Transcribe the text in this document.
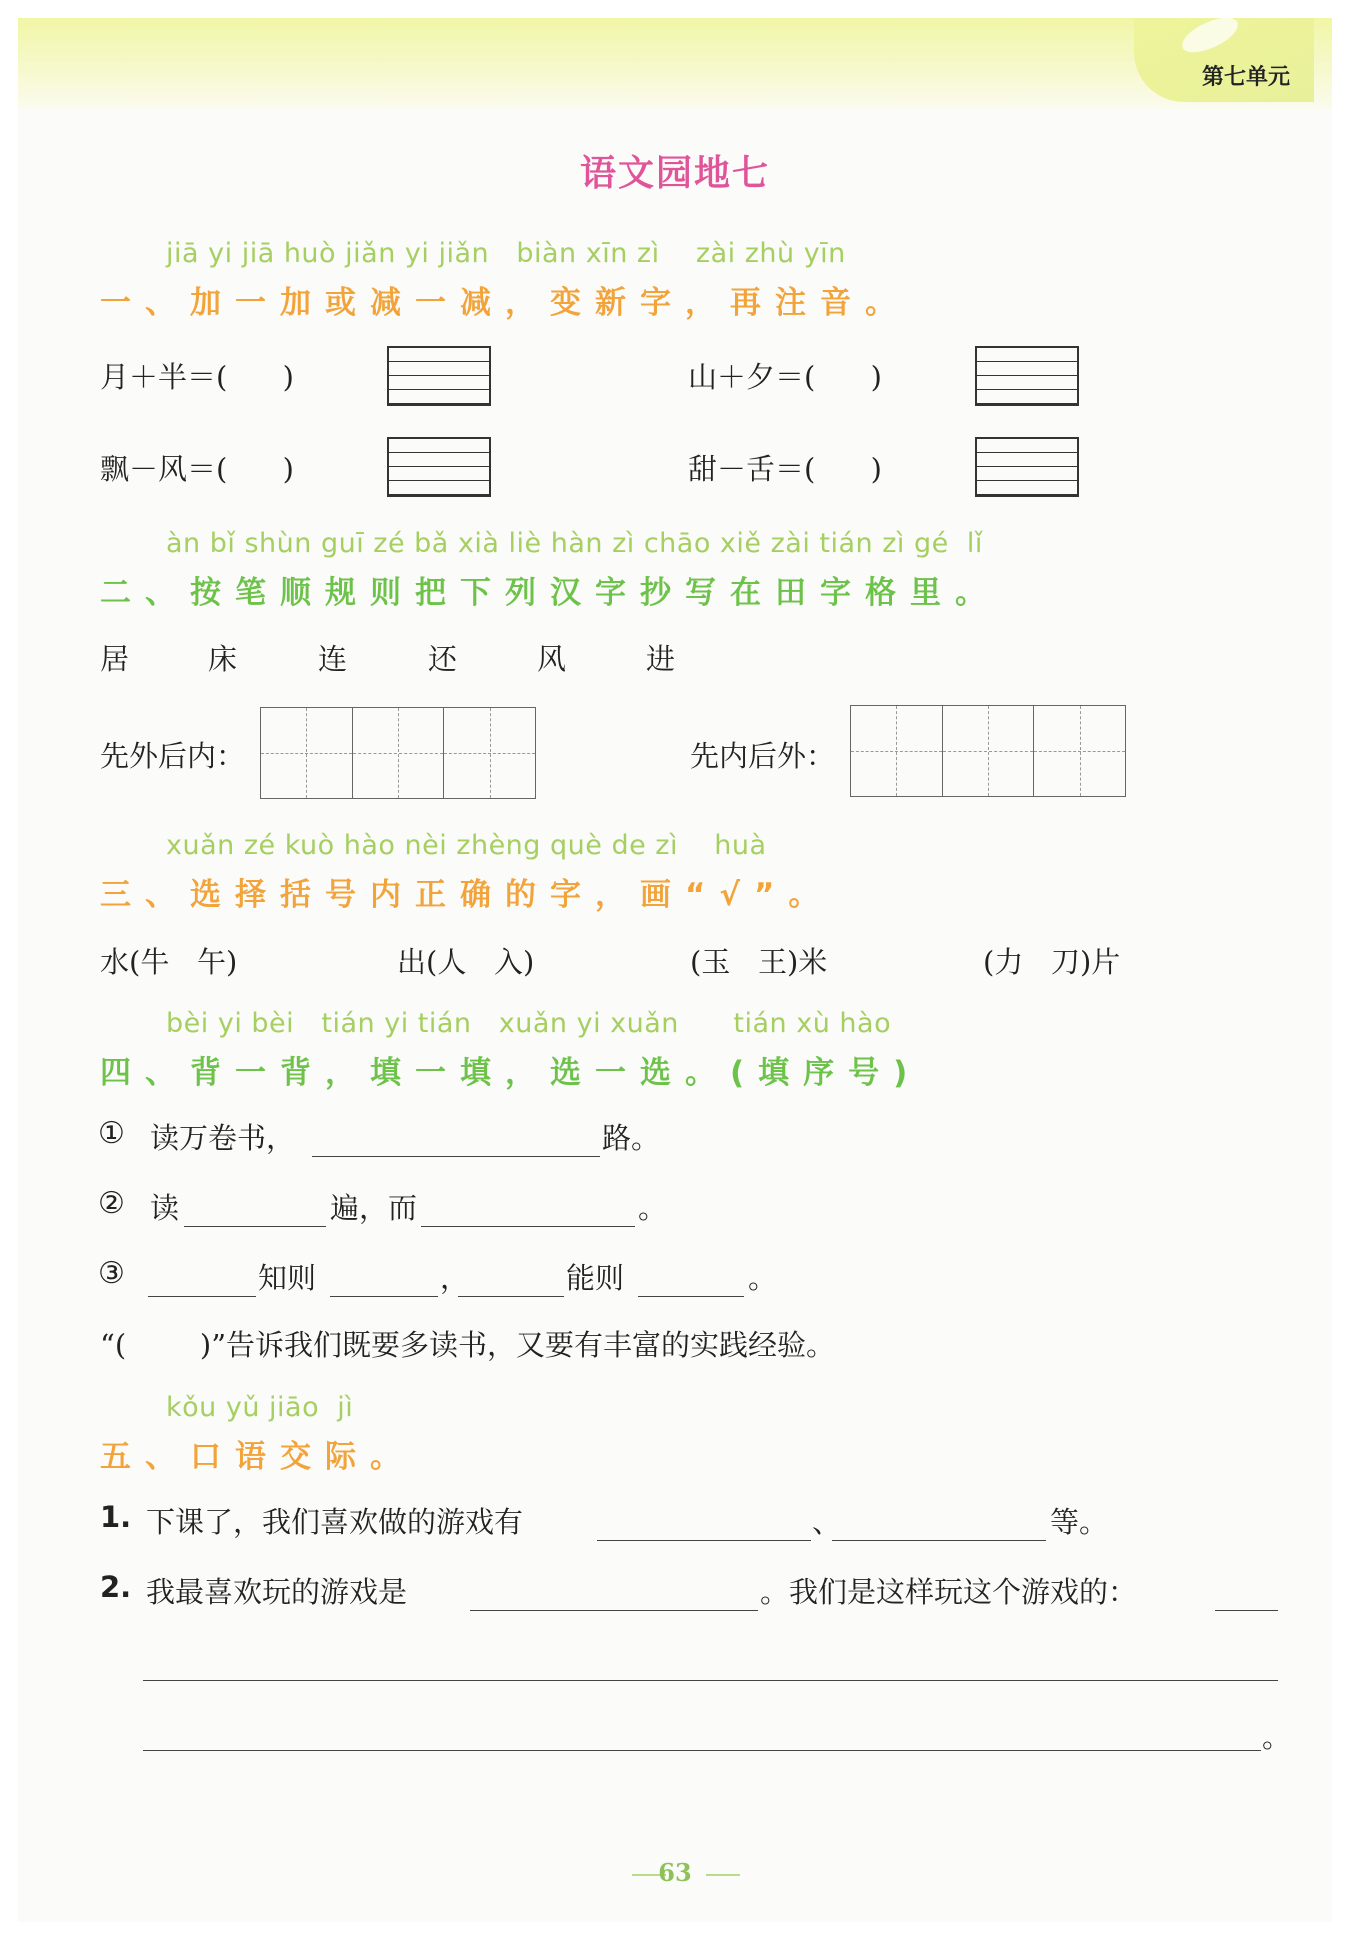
第七单元
语文园地七
jiā yi jiā huò jiǎn yi jiǎn   biàn xīn zì    zài zhù yīn
一、加一加或减一减，变新字，再注音。
月＋半＝(      )	山＋夕＝(      )
飘－风＝(      )	甜－舌＝(      )
àn bǐ shùn guī zé bǎ xià liè hàn zì chāo xiě zài tián zì gé  lǐ
二、按笔顺规则把下列汉字抄写在田字格里。
居	床	连	还	风	进
先外后内：	先内后外：
xuǎn zé kuò hào nèi zhèng què de zì    huà
三、选择括号内正确的字，画“√”。
水(牛   午)	出(人   入)	(玉   王)米	(力   刀)片
bèi yi bèi   tián yi tián   xuǎn yi xuǎn      tián xù hào
四、背一背，填一填，选一选。(填序号)
① 读万卷书，	路。
② 读	遍，而	。
③	知则	，	能则	。
“(        )”告诉我们既要多读书，又要有丰富的实践经验。
kǒu yǔ jiāo  jì
五、口语交际。
1. 下课了，我们喜欢做的游戏有	、	等。
2. 我最喜欢玩的游戏是	。我们是这样玩这个游戏的：
。
63
